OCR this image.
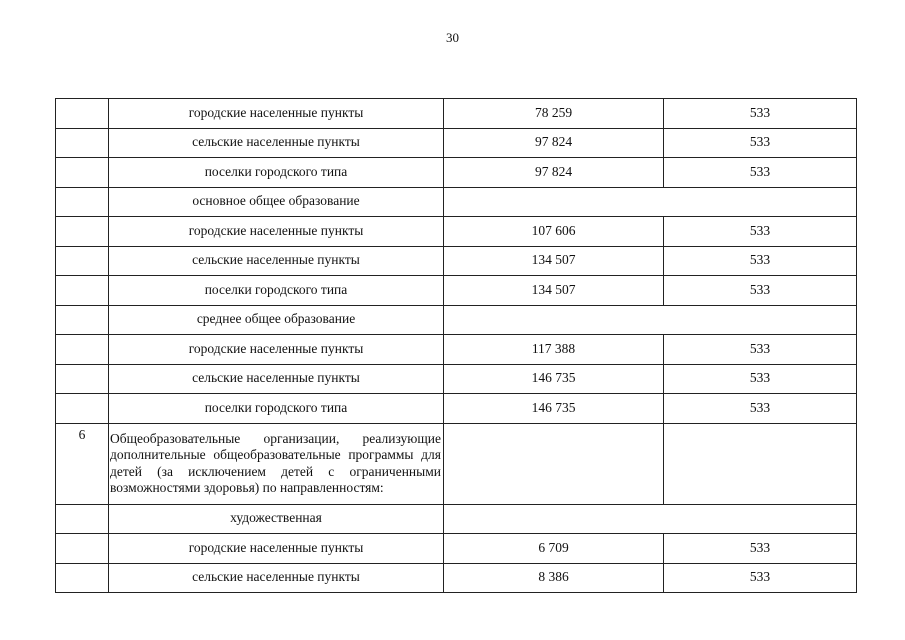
30
	городские населенные пункты	78 259	533
	сельские населенные пункты	97 824	533
	поселки городского типа	97 824	533
	основное общее образование		
	городские населенные пункты	107 606	533
	сельские населенные пункты	134 507	533
	поселки городского типа	134 507	533
	среднее общее образование		
	городские населенные пункты	117 388	533
	сельские населенные пункты	146 735	533
	поселки городского типа	146 735	533
6	Общеобразовательные организации, реализующие дополнительные общеобразовательные программы для детей (за исключением детей с ограниченными возможностями здоровья) по направленностям:		
	художественная		
	городские населенные пункты	6 709	533
	сельские населенные пункты	8 386	533
